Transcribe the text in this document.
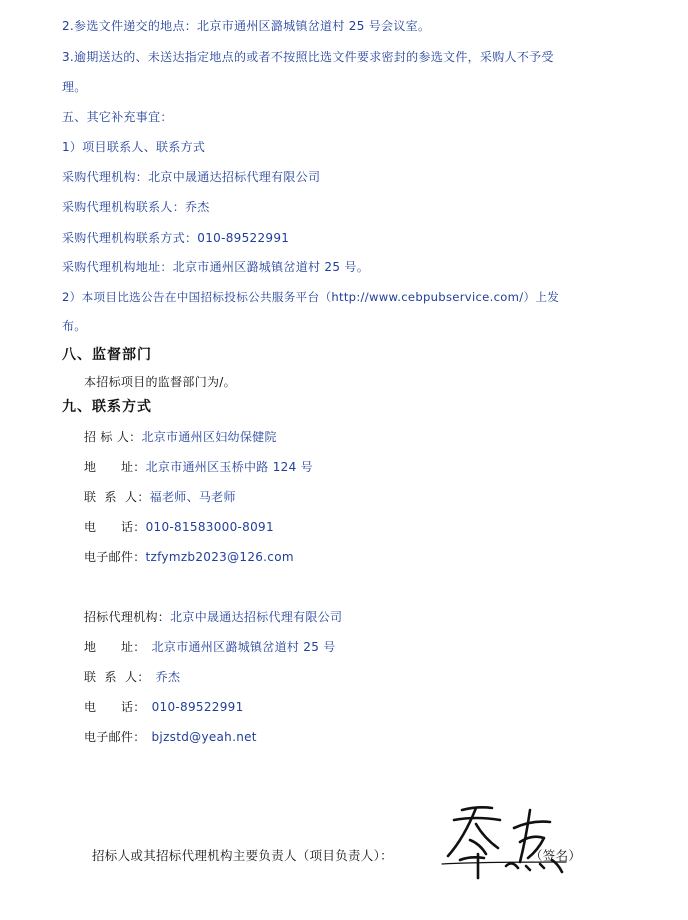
2.参选文件递交的地点：北京市通州区潞城镇岔道村 25 号会议室。
3.逾期送达的、未送达指定地点的或者不按照比选文件要求密封的参选文件，采购人不予受
理。
五、其它补充事宜：
1）项目联系人、联系方式
采购代理机构：北京中晟通达招标代理有限公司
采购代理机构联系人：乔杰
采购代理机构联系方式：010-89522991
采购代理机构地址：北京市通州区潞城镇岔道村 25 号。
2）本项目比选公告在中国招标投标公共服务平台（http://www.cebpubservice.com/）上发
布。
八、监督部门
本招标项目的监督部门为/。
九、联系方式
招 标 人：北京市通州区妇幼保健院
地      址：北京市通州区玉桥中路 124 号
联  系  人：福老师、马老师
电      话：010-81583000-8091
电子邮件：tzfymzb2023@126.com
招标代理机构：北京中晟通达招标代理有限公司
地      址： 北京市通州区潞城镇岔道村 25 号
联  系  人： 乔杰
电      话： 010-89522991
电子邮件： bjzstd@yeah.net
招标人或其招标代理机构主要负责人（项目负责人）：	（签名）
